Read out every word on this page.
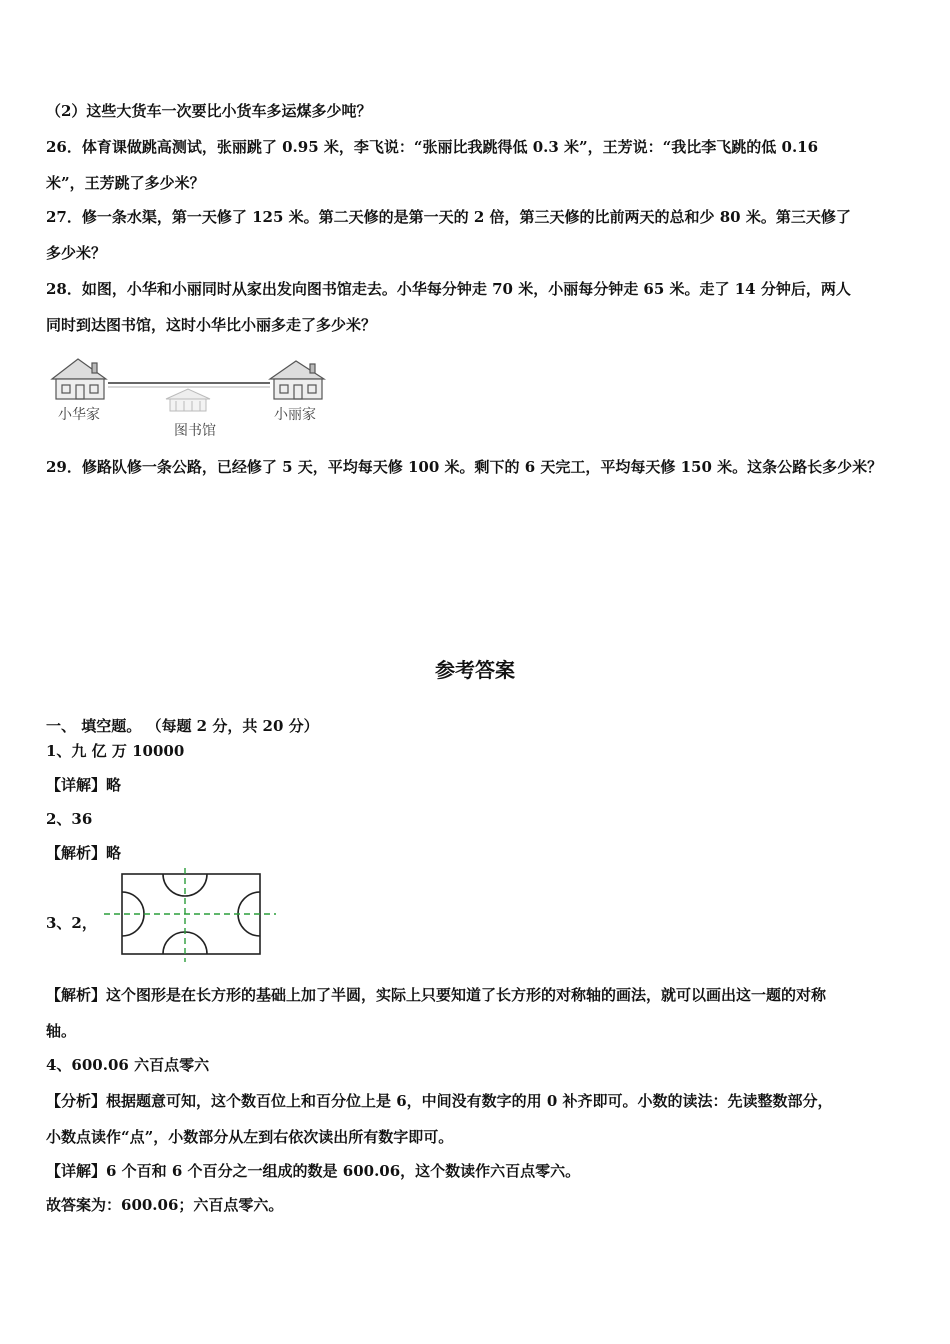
（2）这些大货车一次要比小货车多运煤多少吨？
26．体育课做跳高测试，张丽跳了 0.95 米，李飞说：“张丽比我跳得低 0.3 米”，王芳说：“我比李飞跳的低 0.16
米”，王芳跳了多少米？
27．修一条水渠，第一天修了 125 米。第二天修的是第一天的 2 倍，第三天修的比前两天的总和少 80 米。第三天修了
多少米？
28．如图，小华和小丽同时从家出发向图书馆走去。小华每分钟走 70 米，小丽每分钟走 65 米。走了 14 分钟后，两人
同时到达图书馆，这时小华比小丽多走了多少米？
小华家
图书馆
小丽家
29．修路队修一条公路，已经修了 5 天，平均每天修 100 米。剩下的 6 天完工，平均每天修 150 米。这条公路长多少米？
参考答案
一、 填空题。 （每题 2 分，共 20 分）
1、九 亿 万 10000
【详解】略
2、36
【解析】略
3、2，
【解析】这个图形是在长方形的基础上加了半圆，实际上只要知道了长方形的对称轴的画法，就可以画出这一题的对称
轴。
4、600.06 六百点零六
【分析】根据题意可知，这个数百位上和百分位上是 6，中间没有数字的用 0 补齐即可。小数的读法：先读整数部分，
小数点读作“点”，小数部分从左到右依次读出所有数字即可。
【详解】6 个百和 6 个百分之一组成的数是 600.06，这个数读作六百点零六。
故答案为：600.06；六百点零六。
